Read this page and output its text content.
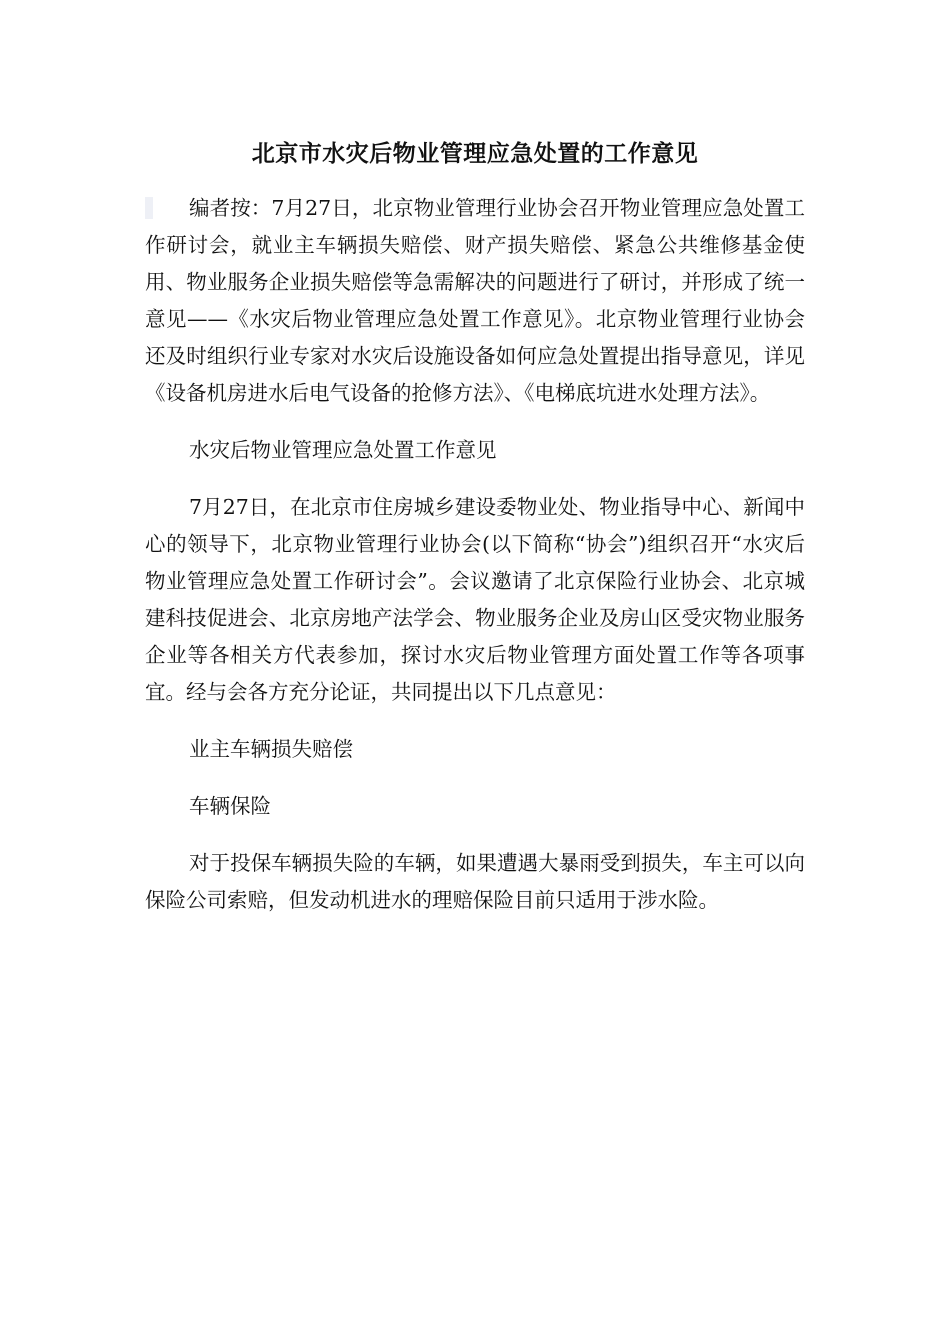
北京市水灾后物业管理应急处置的工作意见

编者按：7月27日，北京物业管理行业协会召开物业管理应急处置工作研讨会，就业主车辆损失赔偿、财产损失赔偿、紧急公共维修基金使用、物业服务企业损失赔偿等急需解决的问题进行了研讨，并形成了统一意见——《水灾后物业管理应急处置工作意见》。北京物业管理行业协会还及时组织行业专家对水灾后设施设备如何应急处置提出指导意见，详见《设备机房进水后电气设备的抢修方法》、《电梯底坑进水处理方法》。

水灾后物业管理应急处置工作意见

7月27日，在北京市住房城乡建设委物业处、物业指导中心、新闻中心的领导下，北京物业管理行业协会(以下简称“协会”)组织召开“水灾后物业管理应急处置工作研讨会”。会议邀请了北京保险行业协会、北京城建科技促进会、北京房地产法学会、物业服务企业及房山区受灾物业服务企业等各相关方代表参加，探讨水灾后物业管理方面处置工作等各项事宜。经与会各方充分论证，共同提出以下几点意见：

业主车辆损失赔偿

车辆保险

对于投保车辆损失险的车辆，如果遭遇大暴雨受到损失，车主可以向保险公司索赔，但发动机进水的理赔保险目前只适用于涉水险。
